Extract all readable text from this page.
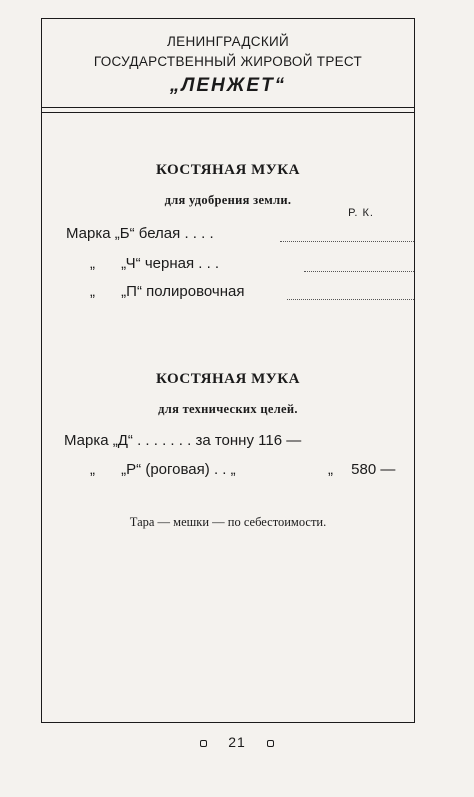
ЛЕНИНГРАДСКИЙ
ГОСУДАРСТВЕННЫЙ ЖИРОВОЙ ТРЕСТ
„ЛЕНЖЕТ“
КОСТЯНАЯ МУКА
для удобрения земли.
Р. К.
Марка „Б“ белая . . . .
„ „Ч“ черная . . .
„ „П“ полировочная
КОСТЯНАЯ МУКА
для технических целей.
Марка „Д“ . . . . . . . за тонну 116 —
„ „Р“ (роговая) . . „	„ 580 —
Тара — мешки — по себестоимости.
21
